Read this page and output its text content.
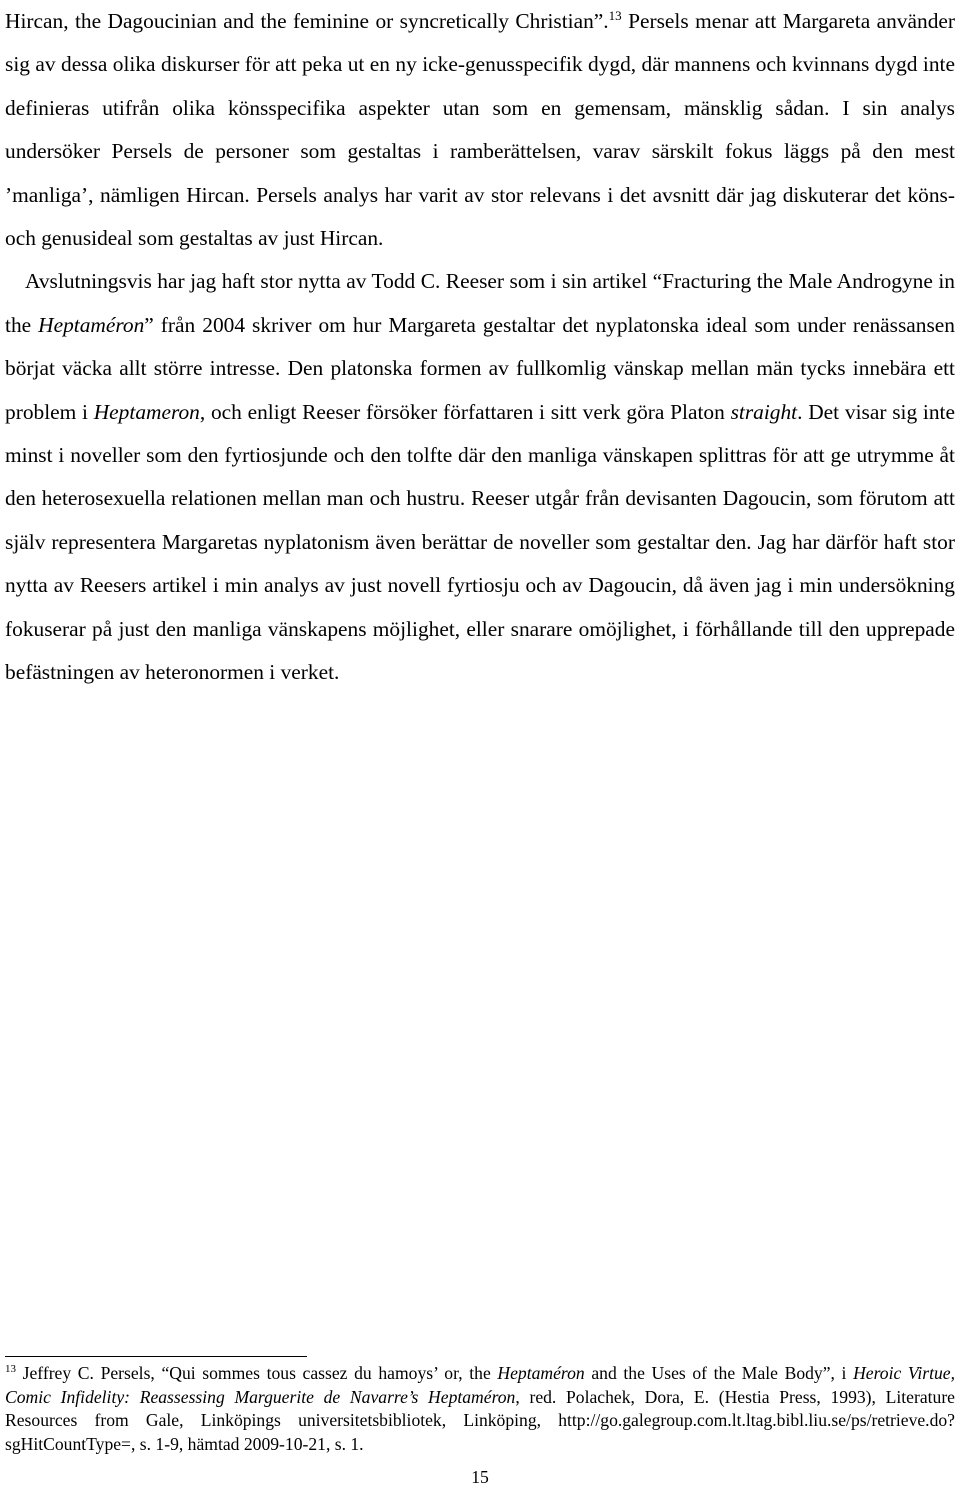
Hircan, the Dagoucinian and the feminine or syncretically Christian”.$^{13}$ Persels menar att Margareta använder sig av dessa olika diskurser för att peka ut en ny icke-genusspecifik dygd, där mannens och kvinnans dygd inte definieras utifrån olika könsspecifika aspekter utan som en gemensam, mänsklig sådan. I sin analys undersöker Persels de personer som gestaltas i ramberättelsen, varav särskilt fokus läggs på den mest ’manliga’, nämligen Hircan. Persels analys har varit av stor relevans i det avsnitt där jag diskuterar det köns- och genusideal som gestaltas av just Hircan.

Avslutningsvis har jag haft stor nytta av Todd C. Reeser som i sin artikel “Fracturing the Male Androgyne in the Heptaméron” från 2004 skriver om hur Margareta gestaltar det nyplatonska ideal som under renässansen börjat väcka allt större intresse. Den platonska formen av fullkomlig vänskap mellan män tycks innebära ett problem i Heptameron, och enligt Reeser försöker författaren i sitt verk göra Platon straight. Det visar sig inte minst i noveller som den fyrtiosjunde och den tolfte där den manliga vänskapen splittras för att ge utrymme åt den heterosexuella relationen mellan man och hustru. Reeser utgår från devisanten Dagoucin, som förutom att själv representera Margaretas nyplatonism även berättar de noveller som gestaltar den. Jag har därför haft stor nytta av Reesers artikel i min analys av just novell fyrtiosju och av Dagoucin, då även jag i min undersökning fokuserar på just den manliga vänskapens möjlighet, eller snarare omöjlighet, i förhållande till den upprepade befästningen av heteronormen i verket.

$^{13}$ Jeffrey C. Persels, “Qui sommes tous cassez du hamoys’ or, the Heptaméron and the Uses of the Male Body”, i Heroic Virtue, Comic Infidelity: Reassessing Marguerite de Navarre’s Heptaméron, red. Polachek, Dora, E. (Hestia Press, 1993), Literature Resources from Gale, Linköpings universitetsbibliotek, Linköping, http://go.galegroup.com.lt.ltag.bibl.liu.se/ps/retrieve.do?sgHitCountType=, s. 1-9, hämtad 2009-10-21, s. 1.
15
